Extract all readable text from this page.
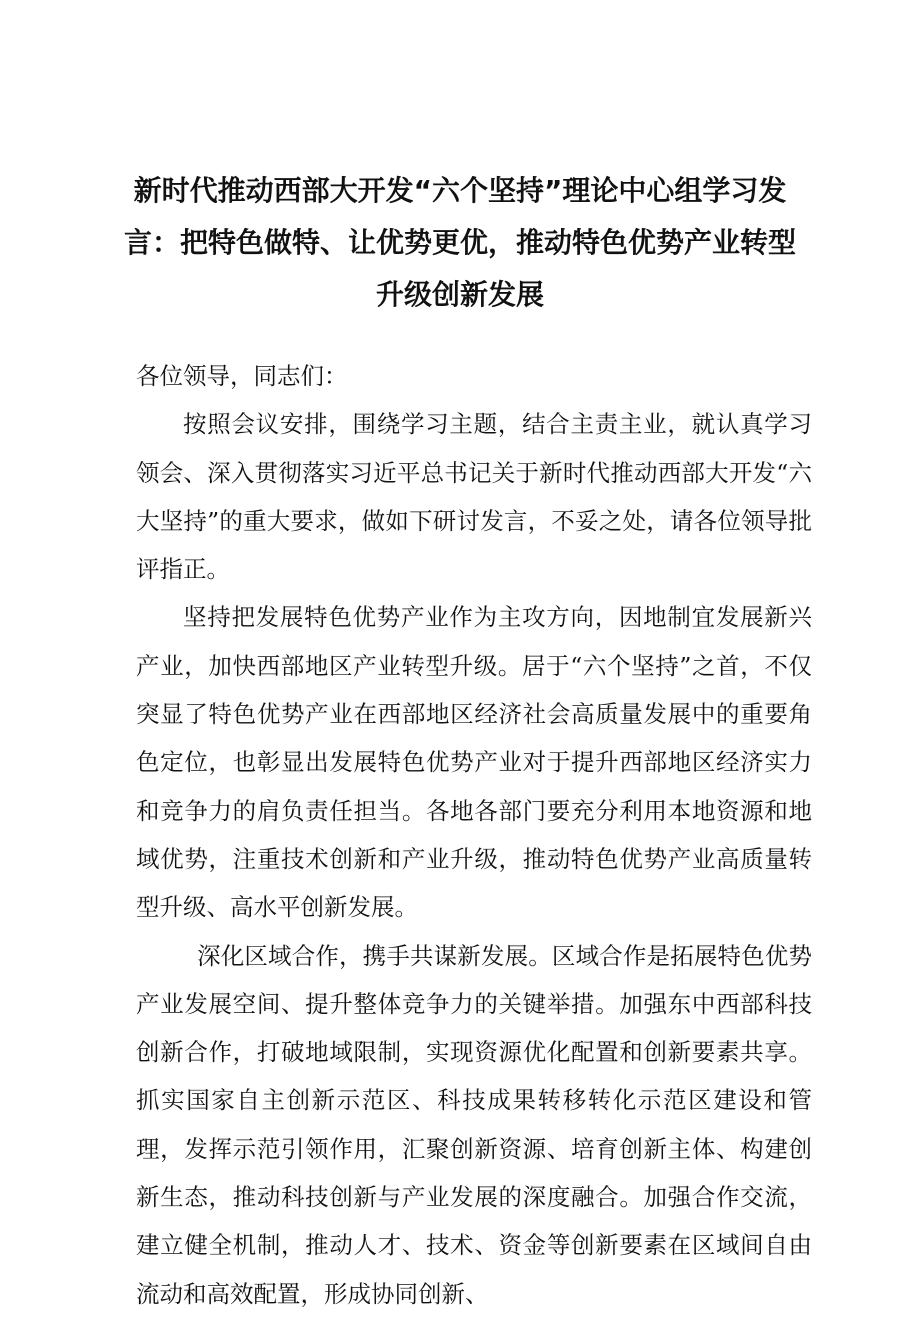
新时代推动西部大开发“六个坚持”理论中心组学习发言：把特色做特、让优势更优，推动特色优势产业转型升级创新发展

各位领导，同志们：

按照会议安排，围绕学习主题，结合主责主业，就认真学习领会、深入贯彻落实习近平总书记关于新时代推动西部大开发“六大坚持”的重大要求，做如下研讨发言，不妥之处，请各位领导批评指正。

坚持把发展特色优势产业作为主攻方向，因地制宜发展新兴产业，加快西部地区产业转型升级。居于“六个坚持”之首，不仅突显了特色优势产业在西部地区经济社会高质量发展中的重要角色定位，也彰显出发展特色优势产业对于提升西部地区经济实力和竞争力的肩负责任担当。各地各部门要充分利用本地资源和地域优势，注重技术创新和产业升级，推动特色优势产业高质量转型升级、高水平创新发展。

深化区域合作，携手共谋新发展。区域合作是拓展特色优势产业发展空间、提升整体竞争力的关键举措。加强东中西部科技创新合作，打破地域限制，实现资源优化配置和创新要素共享。抓实国家自主创新示范区、科技成果转移转化示范区建设和管理，发挥示范引领作用，汇聚创新资源、培育创新主体、构建创新生态，推动科技创新与产业发展的深度融合。加强合作交流，建立健全机制，推动人才、技术、资金等创新要素在区域间自由流动和高效配置，形成协同创新、
